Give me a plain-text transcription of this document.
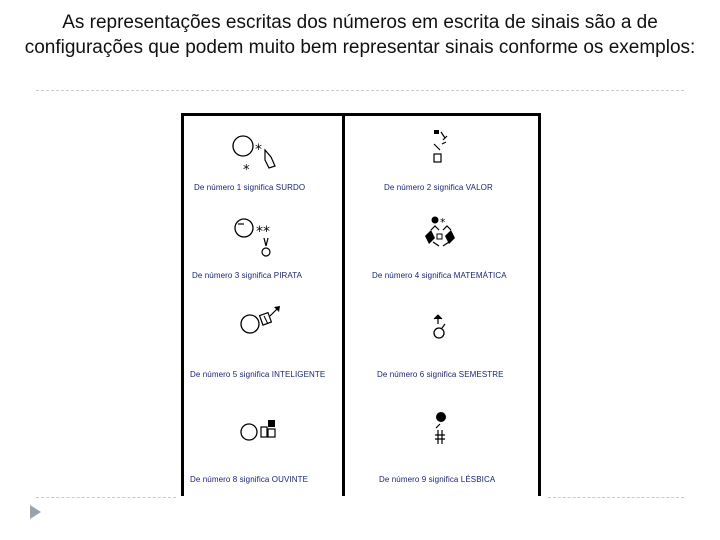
As representações escritas dos números em escrita de sinais são a de configurações que podem muito bem representar sinais conforme os exemplos:
*
*
De número 1 significa SURDO	De número 2 significa VALOR
**
De número 3 significa PIRATA
*
De número 4 significa MATEMÁTICA
De número 5 significa INTELIGENTE	De número 6 significa SEMESTRE
De número 8 significa OUVINTE	De número 9 significa LÉSBICA
